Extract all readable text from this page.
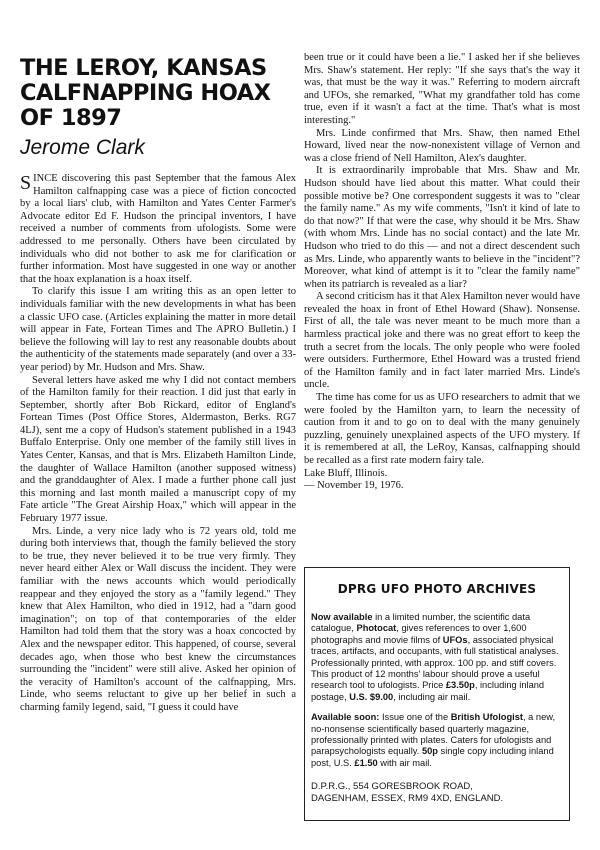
THE LEROY, KANSAS CALFNAPPING HOAX OF 1897
Jerome Clark

SINCE discovering this past September that the famous Alex Hamilton calfnapping case was a piece of fiction concocted by a local liars' club, with Hamilton and Yates Center Farmer's Advocate editor Ed F. Hudson the principal inventors, I have received a number of comments from ufologists. Some were addressed to me personally. Others have been circulated by individuals who did not bother to ask me for clarification or further information. Most have suggested in one way or another that the hoax explanation is a hoax itself.

To clarify this issue I am writing this as an open letter to individuals familiar with the new developments in what has been a classic UFO case. (Articles explaining the matter in more detail will appear in Fate, Fortean Times and The APRO Bulletin.) I believe the following will lay to rest any reasonable doubts about the authenticity of the statements made separately (and over a 33-year period) by Mr. Hudson and Mrs. Shaw.

Several letters have asked me why I did not contact members of the Hamilton family for their reaction. I did just that early in September, shortly after Bob Rickard, editor of England's Fortean Times (Post Office Stores, Aldermaston, Berks. RG7 4LJ), sent me a copy of Hudson's statement published in a 1943 Buffalo Enterprise. Only one member of the family still lives in Yates Center, Kansas, and that is Mrs. Elizabeth Hamilton Linde, the daughter of Wallace Hamilton (another supposed witness) and the granddaughter of Alex. I made a further phone call just this morning and last month mailed a manuscript copy of my Fate article "The Great Airship Hoax," which will appear in the February 1977 issue.

Mrs. Linde, a very nice lady who is 72 years old, told me during both interviews that, though the family believed the story to be true, they never believed it to be true very firmly. They never heard either Alex or Wall discuss the incident. They were familiar with the news accounts which would periodically reappear and they enjoyed the story as a "family legend." They knew that Alex Hamilton, who died in 1912, had a "darn good imagination"; on top of that contemporaries of the elder Hamilton had told them that the story was a hoax concocted by Alex and the newspaper editor. This happened, of course, several decades ago, when those who best knew the circumstances surrounding the "incident" were still alive. Asked her opinion of the veracity of Hamilton's account of the calfnapping, Mrs. Linde, who seems reluctant to give up her belief in such a charming family legend, said, "I guess it could have

been true or it could have been a lie." I asked her if she believes Mrs. Shaw's statement. Her reply: "If she says that's the way it was, that must be the way it was." Referring to modern aircraft and UFOs, she remarked, "What my grandfather told has come true, even if it wasn't a fact at the time. That's what is most interesting."

Mrs. Linde confirmed that Mrs. Shaw, then named Ethel Howard, lived near the now-nonexistent village of Vernon and was a close friend of Nell Hamilton, Alex's daughter.

It is extraordinarily improbable that Mrs. Shaw and Mr. Hudson should have lied about this matter. What could their possible motive be? One correspondent suggests it was to "clear the family name." As my wife comments, "Isn't it kind of late to do that now?" If that were the case, why should it be Mrs. Shaw (with whom Mrs. Linde has no social contact) and the late Mr. Hudson who tried to do this — and not a direct descendent such as Mrs. Linde, who apparently wants to believe in the "incident"? Moreover, what kind of attempt is it to "clear the family name" when its patriarch is revealed as a liar?

A second criticism has it that Alex Hamilton never would have revealed the hoax in front of Ethel Howard (Shaw). Nonsense. First of all, the tale was never meant to be much more than a harmless practical joke and there was no great effort to keep the truth a secret from the locals. The only people who were fooled were outsiders. Furthermore, Ethel Howard was a trusted friend of the Hamilton family and in fact later married Mrs. Linde's uncle.

The time has come for us as UFO researchers to admit that we were fooled by the Hamilton yarn, to learn the necessity of caution from it and to go on to deal with the many genuinely puzzling, genuinely unexplained aspects of the UFO mystery. If it is remembered at all, the LeRoy, Kansas, calfnapping should be recalled as a first rate modern fairy tale.

Lake Bluff, Illinois.

— November 19, 1976.

DPRG UFO PHOTO ARCHIVES

Now available in a limited number, the scientific data catalogue, Photocat, gives references to over 1,600 photographs and movie films of UFOs, associated physical traces, artifacts, and occupants, with full statistical analyses. Professionally printed, with approx. 100 pp. and stiff covers. This product of 12 months' labour should prove a useful research tool to ufologists. Price £3.50p, including inland postage, U.S. $9.00, including air mail.

Available soon: Issue one of the British Ufologist, a new, no-nonsense scientifically based quarterly magazine, professionally printed with plates. Caters for ufologists and parapsychologists equally. 50p single copy including inland post, U.S. £1.50 with air mail.

D.P.R.G., 554 GORESBROOK ROAD,
DAGENHAM, ESSEX, RM9 4XD, ENGLAND.
